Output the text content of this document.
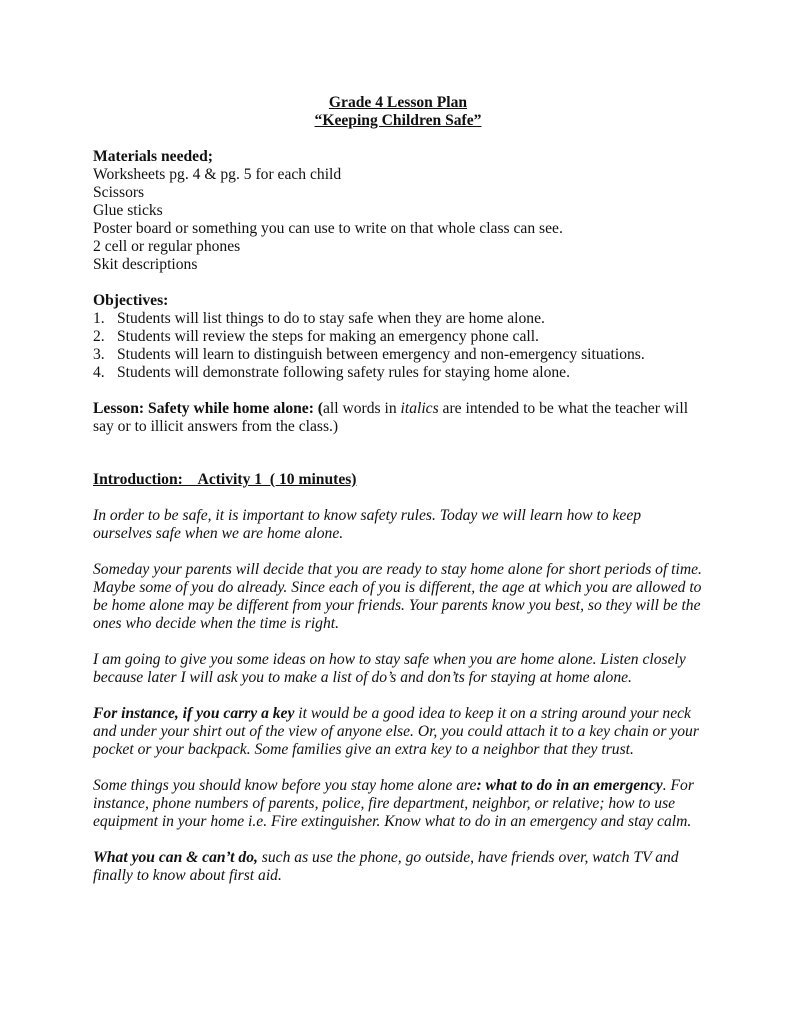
Grade 4 Lesson Plan

“Keeping Children Safe”

Materials needed;

Worksheets pg. 4 & pg. 5 for each child

Scissors

Glue sticks

Poster board or something you can use to write on that whole class can see.

2 cell or regular phones

Skit descriptions

Objectives:

1. Students will list things to do to stay safe when they are home alone.
2. Students will review the steps for making an emergency phone call.
3. Students will learn to distinguish between emergency and non-emergency situations.
4. Students will demonstrate following safety rules for staying home alone.

Lesson: Safety while home alone: (all words in italics are intended to be what the teacher will say or to illicit answers from the class.)

Introduction:    Activity 1  ( 10 minutes)

In order to be safe, it is important to know safety rules. Today we will learn how to keep ourselves safe when we are home alone.

Someday your parents will decide that you are ready to stay home alone for short periods of time. Maybe some of you do already. Since each of you is different, the age at which you are allowed to be home alone may be different from your friends. Your parents know you best, so they will be the ones who decide when the time is right.

I am going to give you some ideas on how to stay safe when you are home alone. Listen closely because later I will ask you to make a list of do’s and don’ts for staying at home alone.

For instance, if you carry a key it would be a good idea to keep it on a string around your neck and under your shirt out of the view of anyone else. Or, you could attach it to a key chain or your pocket or your backpack. Some families give an extra key to a neighbor that they trust.

Some things you should know before you stay home alone are: what to do in an emergency. For instance, phone numbers of parents, police, fire department, neighbor, or relative; how to use equipment in your home i.e. Fire extinguisher. Know what to do in an emergency and stay calm.

What you can & can’t do, such as use the phone, go outside, have friends over, watch TV and finally to know about first aid.
